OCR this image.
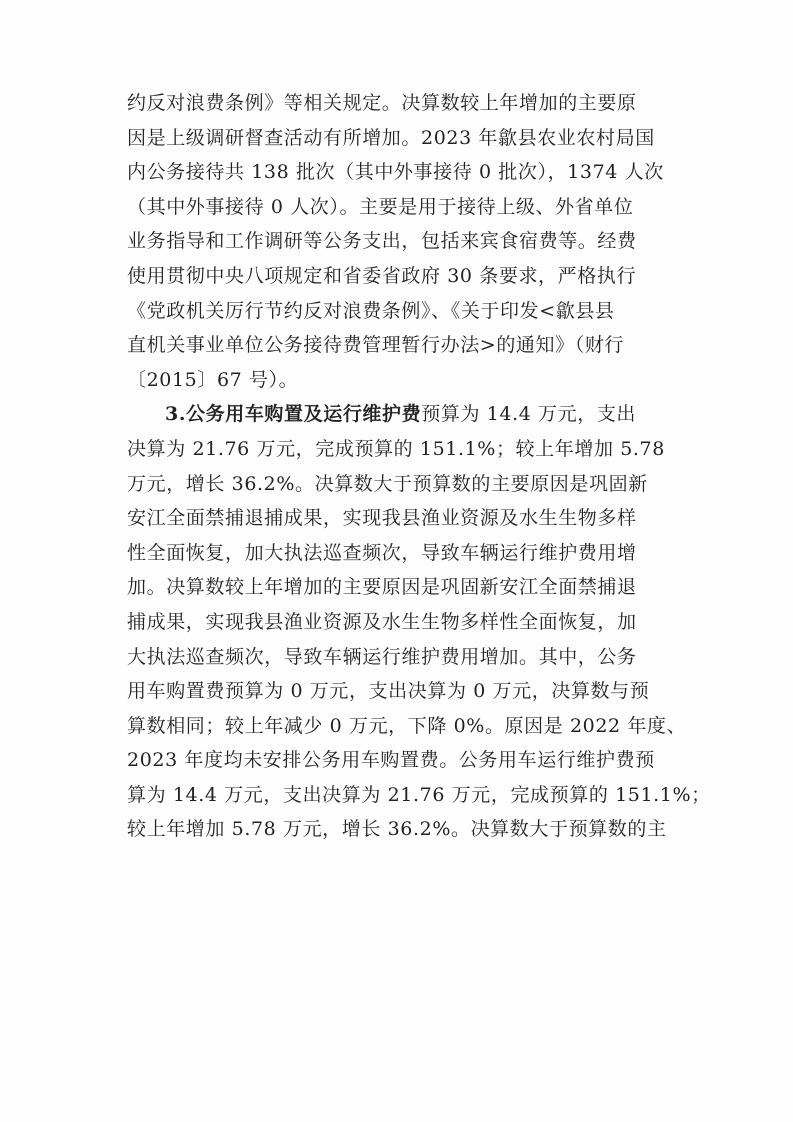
约反对浪费条例》等相关规定。决算数较上年增加的主要原
因是上级调研督查活动有所增加。2023 年歙县农业农村局国
内公务接待共 138 批次（其中外事接待 0 批次），1374 人次
（其中外事接待 0 人次）。主要是用于接待上级、外省单位
业务指导和工作调研等公务支出，包括来宾食宿费等。经费
使用贯彻中央八项规定和省委省政府 30 条要求，严格执行
《党政机关厉行节约反对浪费条例》、《关于印发<歙县县
直机关事业单位公务接待费管理暂行办法>的通知》（财行
〔2015〕67 号）。
3.公务用车购置及运行维护费预算为 14.4 万元，支出
决算为 21.76 万元，完成预算的 151.1%；较上年增加 5.78
万元，增长 36.2%。决算数大于预算数的主要原因是巩固新
安江全面禁捕退捕成果，实现我县渔业资源及水生生物多样
性全面恢复，加大执法巡查频次，导致车辆运行维护费用增
加。决算数较上年增加的主要原因是巩固新安江全面禁捕退
捕成果，实现我县渔业资源及水生生物多样性全面恢复，加
大执法巡查频次，导致车辆运行维护费用增加。其中，公务
用车购置费预算为 0 万元，支出决算为 0 万元，决算数与预
算数相同；较上年减少 0 万元，下降 0%。原因是 2022 年度、
2023 年度均未安排公务用车购置费。公务用车运行维护费预
算为 14.4 万元，支出决算为 21.76 万元，完成预算的 151.1%；
较上年增加 5.78 万元，增长 36.2%。决算数大于预算数的主
